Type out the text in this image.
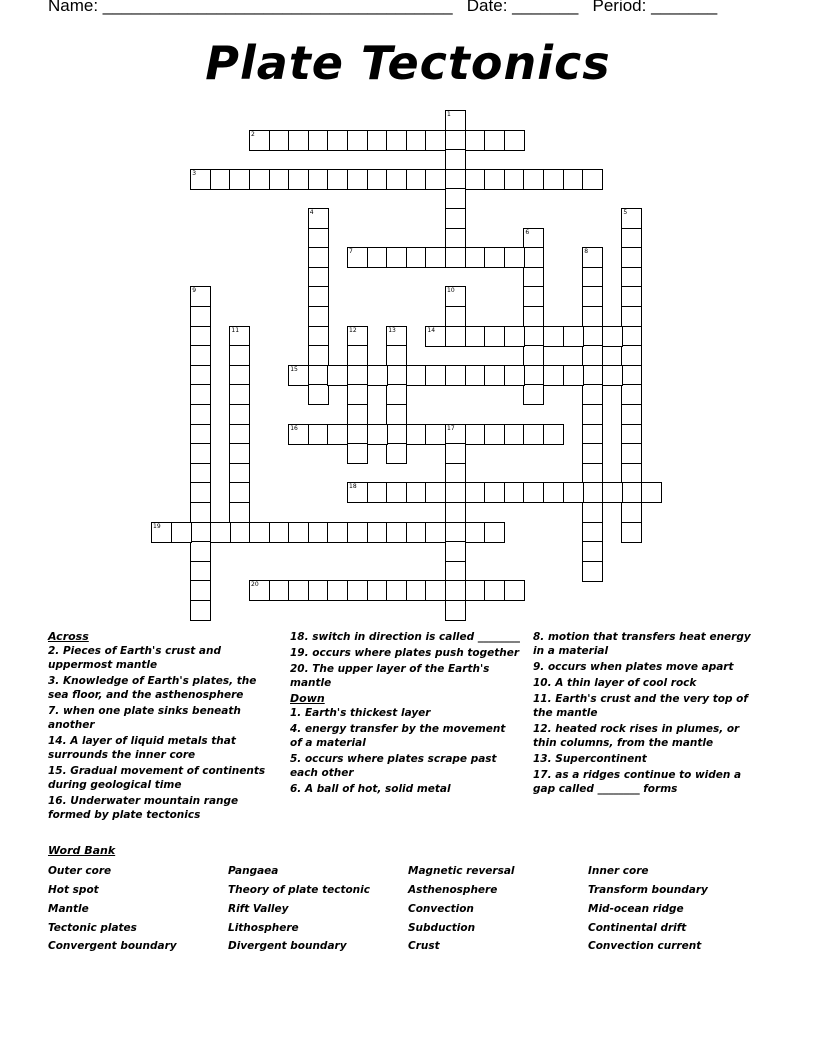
Name: _____________________________________   Date: _______   Period: _______
Plate Tectonics
1
2
3
4	5
6
7	8
9	10
11	12	13	14
15
16	17
18
19
20
Across
2. Pieces of Earth's crust and uppermost mantle
3. Knowledge of Earth's plates, the sea floor, and the asthenosphere
7. when one plate sinks beneath another
14. A layer of liquid metals that surrounds the inner core
15. Gradual movement of continents during geological time
16. Underwater mountain range formed by plate tectonics
18. switch in direction is called ________
19. occurs where plates push together
20. The upper layer of the Earth's mantle
Down
1. Earth's thickest layer
4. energy transfer by the movement of a material
5. occurs where plates scrape past each other
6. A ball of hot, solid metal
8. motion that transfers heat energy in a material
9. occurs when plates move apart
10. A thin layer of cool rock
11. Earth's crust and the very top of the mantle
12. heated rock rises in plumes, or thin columns, from the mantle
13. Supercontinent
17. as a ridges continue to widen a gap called ________ forms
Word Bank
Outer core	Pangaea	Magnetic reversal	Inner core
Hot spot	Theory of plate tectonic	Asthenosphere	Transform boundary
Mantle	Rift Valley	Convection	Mid-ocean ridge
Tectonic plates	Lithosphere	Subduction	Continental drift
Convergent boundary	Divergent boundary	Crust	Convection current
